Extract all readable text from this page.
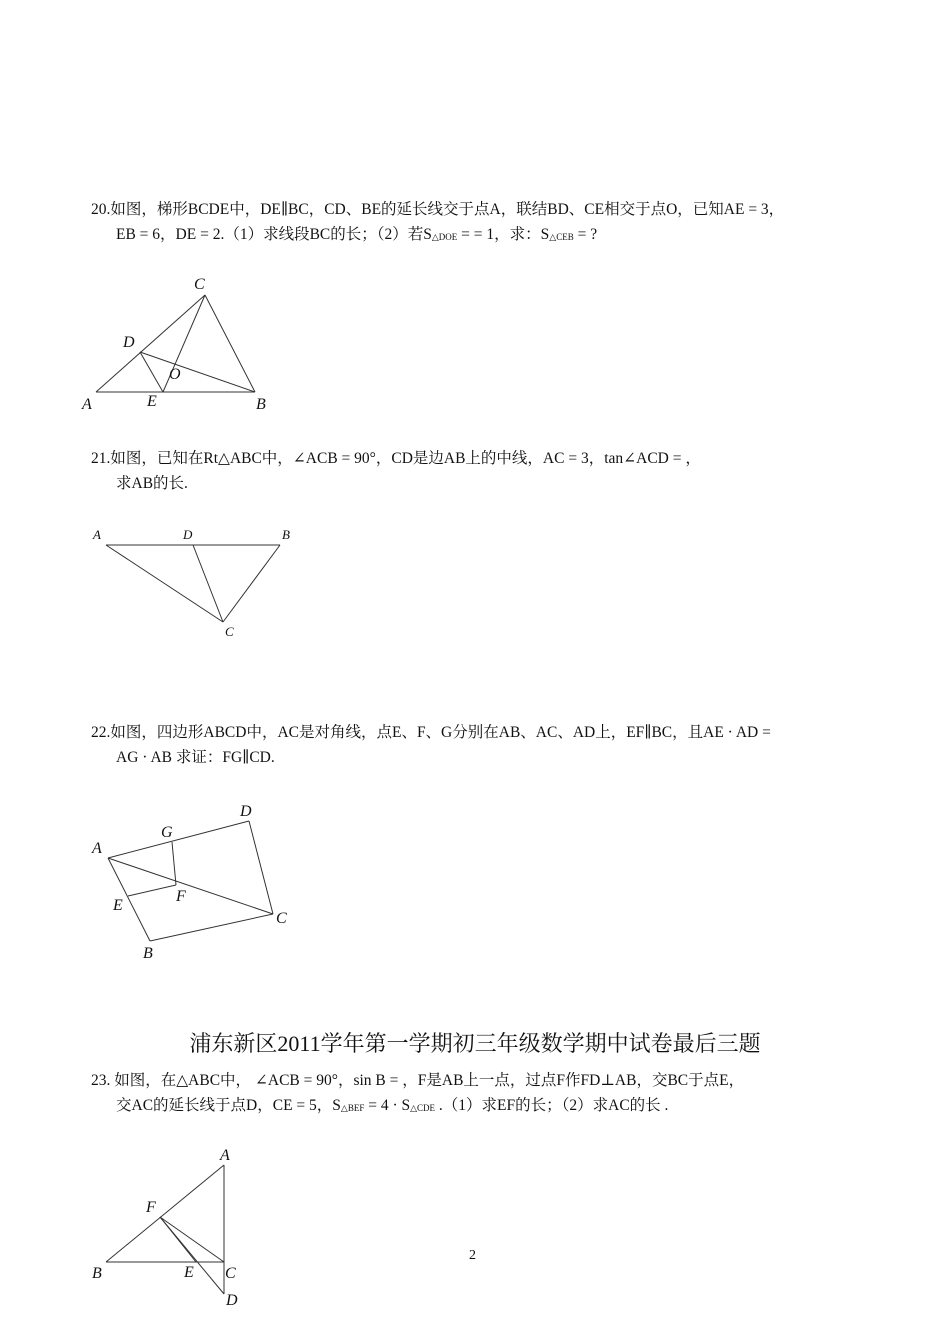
20.如图，梯形BCDE中，DE∥BC，CD、BE的延长线交于点A，联结BD、CE相交于点O，已知AE = 3，
EB = 6，DE = 2.（1）求线段BC的长；（2）若S△DOE = = 1，求：S△CEB = ?
21.如图，已知在Rt△ABC中，∠ACB = 90°，CD是边AB上的中线，AC = 3，tan∠ACD = ，
求AB的长.
22.如图，四边形ABCD中，AC是对角线，点E、F、G分别在AB、AC、AD上，EF∥BC，且AE · AD =
AG · AB 求证：FG∥CD.
浦东新区2011学年第一学期初三年级数学期中试卷最后三题
23. 如图，在△ABC中， ∠ACB = 90°，sin B = ，F是AB上一点，过点F作FD⊥AB，交BC于点E，
交AC的延长线于点D，CE = 5，S△BEF = 4 · S△CDE .（1）求EF的长；（2）求AC的长 .
2
C
D
O
A	E	B
A	D	B
C
D
G
A
F
E
C
B
A
F
B	E C
D
